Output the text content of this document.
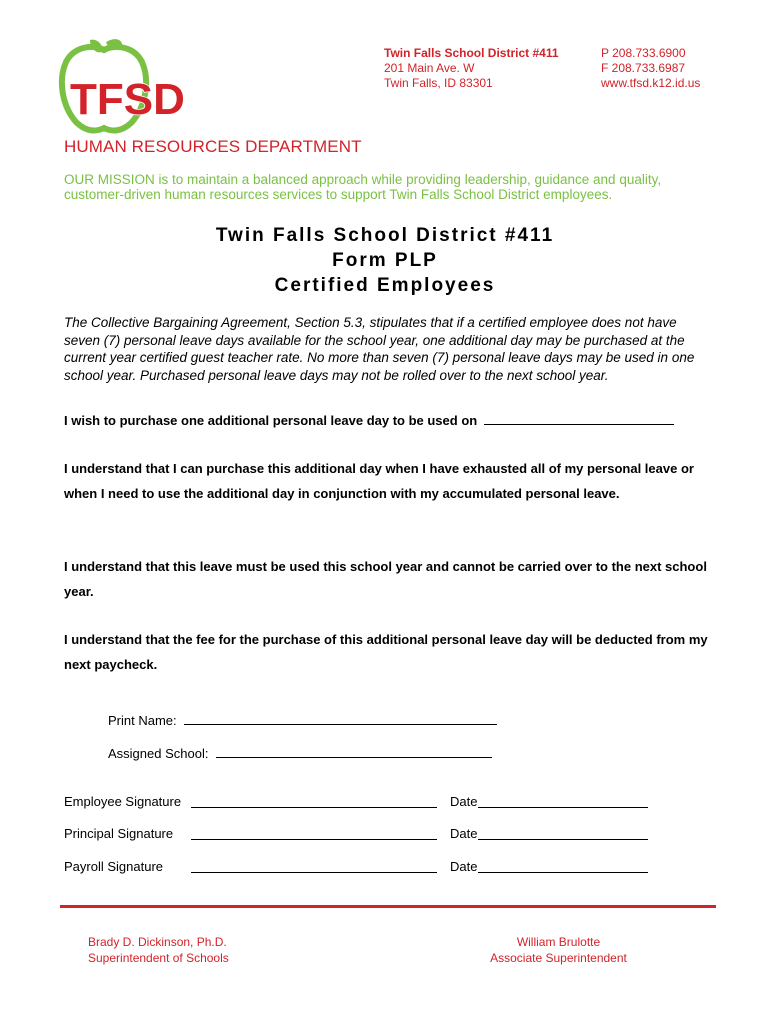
TFSD
Twin Falls School District #411
201 Main Ave. W
Twin Falls, ID 83301
P 208.733.6900
F 208.733.6987
www.tfsd.k12.id.us
HUMAN RESOURCES DEPARTMENT
OUR MISSION is to maintain a balanced approach while providing leadership, guidance and quality, customer-driven human resources services to support Twin Falls School District employees.
Twin Falls School District #411
Form PLP
Certified Employees
The Collective Bargaining Agreement, Section 5.3, stipulates that if a certified employee does not have seven (7) personal leave days available for the school year, one additional day may be purchased at the current year certified guest teacher rate. No more than seven (7) personal leave days may be used in one school year. Purchased personal leave days may not be rolled over to the next school year.
I wish to purchase one additional personal leave day to be used on
I understand that I can purchase this additional day when I have exhausted all of my personal leave or when I need to use the additional day in conjunction with my accumulated personal leave.
I understand that this leave must be used this school year and cannot be carried over to the next school year.
I understand that the fee for the purchase of this additional personal leave day will be deducted from my next paycheck.
Print Name:
Assigned School:
Employee Signature	Date
Principal Signature	Date
Payroll Signature	Date
Brady D. Dickinson, Ph.D.
Superintendent of Schools
William Brulotte
Associate Superintendent
